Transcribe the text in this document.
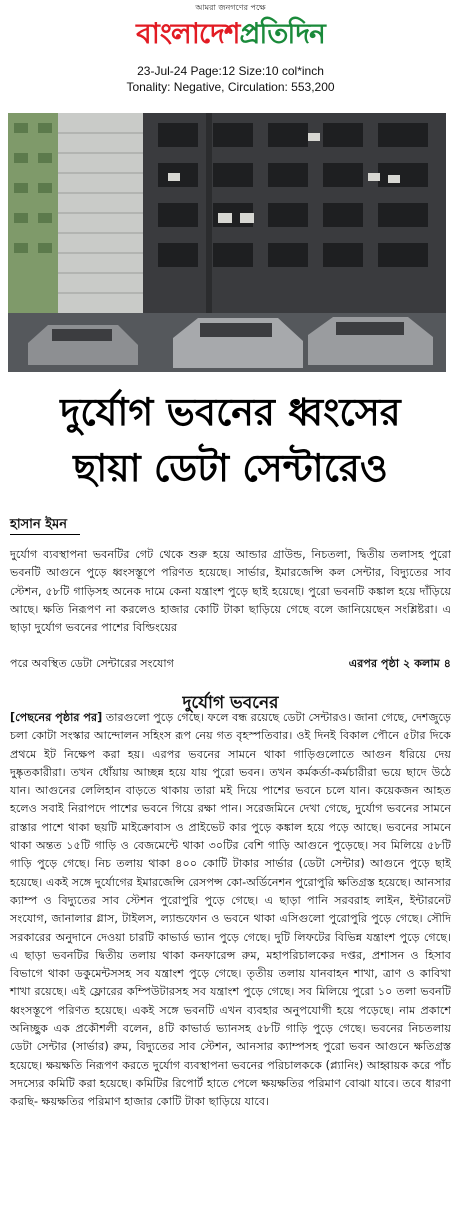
আমরা জনগণের পক্ষে
বাংলাদেশপ্রতিদিন
23-Jul-24 Page:12 Size:10 col*inch
Tonality: Negative, Circulation: 553,200
দুর্যোগ ভবনের ধ্বংসের
ছায়া ডেটা সেন্টারেও
হাসান ইমন
দুর্যোগ ব্যবস্থাপনা ভবনটির গেট থেকে শুরু হয়ে আন্ডার গ্রাউন্ড, নিচতলা, দ্বিতীয় তলাসহ পুরো ভবনটি আগুনে পুড়ে ধ্বংসস্তূপে পরিণত হয়েছে। সার্ভার, ইমারজেন্সি কল সেন্টার, বিদ্যুতের সাব স্টেশন, ৫৮টি গাড়িসহ অনেক দামে কেনা যন্ত্রাংশ পুড়ে ছাই হয়েছে। পুরো ভবনটি কঙ্কাল হয়ে দাঁড়িয়ে আছে। ক্ষতি নিরূপণ না করলেও হাজার কোটি টাকা ছাড়িয়ে গেছে বলে জানিয়েছেন সংশ্লিষ্টরা। এ ছাড়া দুর্যোগ ভবনের পাশের বিল্ডিংয়ের
পরে অবস্থিত ডেটা সেন্টারের সংযোগ	এরপর পৃষ্ঠা ২ কলাম ৪
দুর্যোগ ভবনের
[পেছনের পৃষ্ঠার পর] তারগুলো পুড়ে গেছে। ফলে বন্ধ রয়েছে ডেটা সেন্টারও। জানা গেছে, দেশজুড়ে চলা কোটা সংস্কার আন্দোলন সহিংস রূপ নেয় গত বৃহস্পতিবার। ওই দিনই বিকাল পৌনে ৫টার দিকে প্রথমে ইট নিক্ষেপ করা হয়। এরপর ভবনের সামনে থাকা গাড়িগুলোতে আগুন ধরিয়ে দেয় দুষ্কৃতকারীরা। তখন ধোঁয়ায় আচ্ছন্ন হয়ে যায় পুরো ভবন। তখন কর্মকর্তা-কর্মচারীরা ভয়ে ছাদে উঠে যান। আগুনের লেলিহান বাড়তে থাকায় তারা মই দিয়ে পাশের ভবনে চলে যান। কয়েকজন আহত হলেও সবাই নিরাপদে পাশের ভবনে গিয়ে রক্ষা পান। সরেজমিনে দেখা গেছে, দুর্যোগ ভবনের সামনে রাস্তার পাশে থাকা ছয়টি মাইক্রোবাস ও প্রাইভেট কার পুড়ে কঙ্কাল হয়ে পড়ে আছে। ভবনের সামনে থাকা অন্তত ১৫টি গাড়ি ও বেজমেন্টে থাকা ৩০টির বেশি গাড়ি আগুনে পুড়েছে। সব মিলিয়ে ৫৮টি গাড়ি পুড়ে গেছে। নিচ তলায় থাকা ৪০০ কোটি টাকার সার্ভার (ডেটা সেন্টার) আগুনে পুড়ে ছাই হয়েছে। একই সঙ্গে দুর্যোগের ইমারজেন্সি রেসপন্স কো-অর্ডিনেশন পুরোপুরি ক্ষতিগ্রস্ত হয়েছে। আনসার ক্যাম্প ও বিদ্যুতের সাব স্টেশন পুরোপুরি পুড়ে গেছে। এ ছাড়া পানি সরবরাহ লাইন, ইন্টারনেট সংযোগ, জানালার গ্লাস, টাইলস, ল্যান্ডফোন ও ভবনে থাকা এসিগুলো পুরোপুরি পুড়ে গেছে। সৌদি সরকারের অনুদানে দেওয়া চারটি কাভার্ড ভ্যান পুড়ে গেছে। দুটি লিফটের বিভিন্ন যন্ত্রাংশ পুড়ে গেছে। এ ছাড়া ভবনটির দ্বিতীয় তলায় থাকা কনফারেন্স রুম, মহাপরিচালকের দপ্তর, প্রশাসন ও হিসাব বিভাগে থাকা ডকুমেন্টসসহ সব যন্ত্রাংশ পুড়ে গেছে। তৃতীয় তলায় যানবাহন শাখা, ত্রাণ ও কাবিখা শাখা রয়েছে। এই ফ্লোরের কম্পিউটারসহ সব যন্ত্রাংশ পুড়ে গেছে। সব মিলিয়ে পুরো ১০ তলা ভবনটি ধ্বংসস্তূপে পরিণত হয়েছে। একই সঙ্গে ভবনটি এখন ব্যবহার অনুপযোগী হয়ে পড়েছে। নাম প্রকাশে অনিচ্ছুক এক প্রকৌশলী বলেন, ৪টি কাভার্ড ভ্যানসহ ৫৮টি গাড়ি পুড়ে গেছে। ভবনের নিচতলায় ডেটা সেন্টার (সার্ভার) রুম, বিদ্যুতের সাব স্টেশন, আনসার ক্যাম্পসহ পুরো ভবন আগুনে ক্ষতিগ্রস্ত হয়েছে। ক্ষয়ক্ষতি নিরূপণ করতে দুর্যোগ ব্যবস্থাপনা ভবনের পরিচালককে (প্ল্যানিং) আহ্বায়ক করে পাঁচ সদস্যের কমিটি করা হয়েছে। কমিটির রিপোর্ট হাতে পেলে ক্ষয়ক্ষতির পরিমাণ বোঝা যাবে। তবে ধারণা করছি- ক্ষয়ক্ষতির পরিমাণ হাজার কোটি টাকা ছাড়িয়ে যাবে।
